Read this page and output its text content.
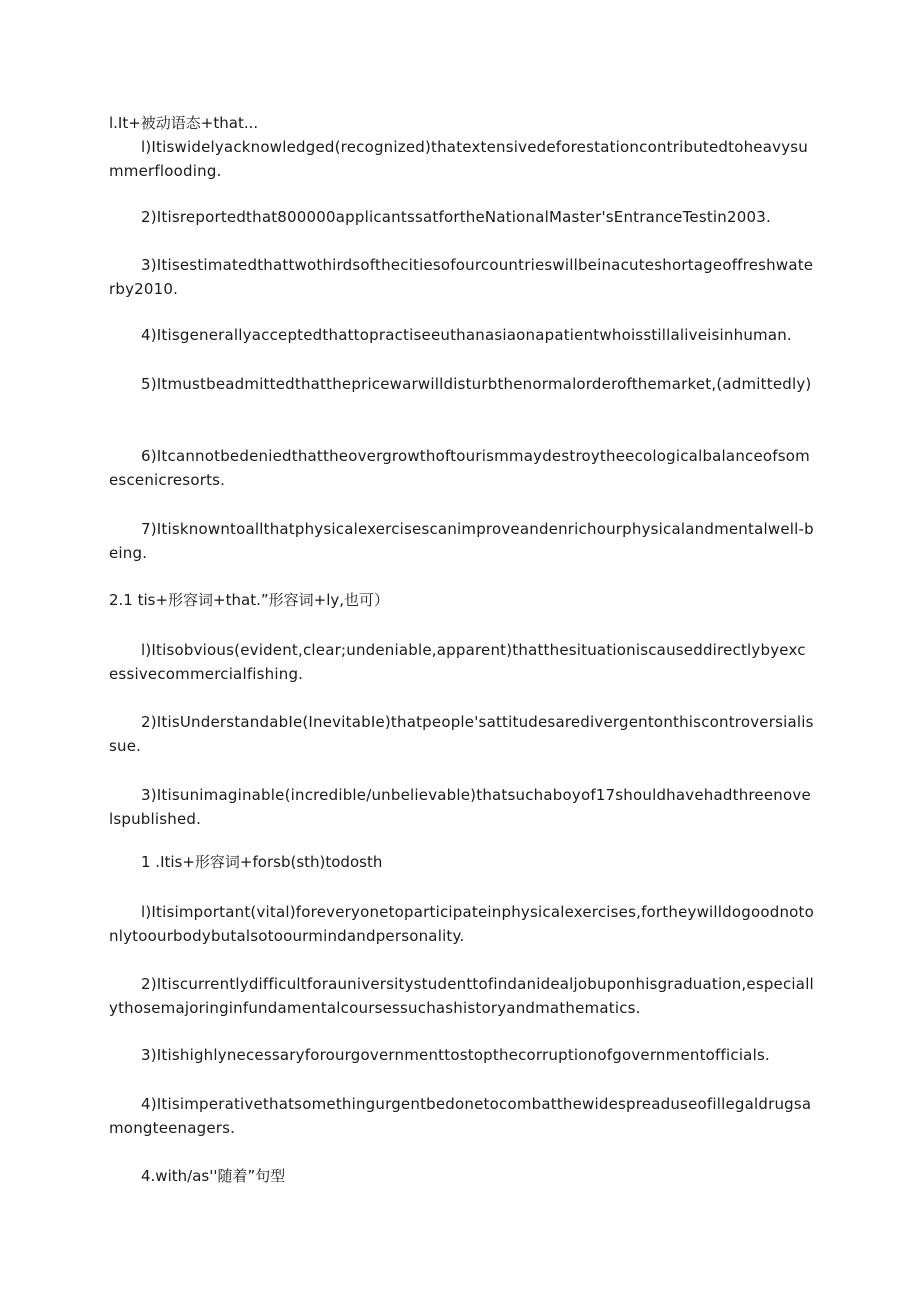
l.It+被动语态+that...
l)Itiswidelyacknowledged(recognized)thatextensivedeforestationcontributedtoheavysummerflooding.
2)Itisreportedthat800000applicantssatfortheNationalMaster'sEntranceTestin2003.
3)Itisestimatedthattwothirdsofthecitiesofourcountrieswillbeinacuteshortageoffreshwaterby2010.
4)Itisgenerallyacceptedthattopractiseeuthanasiaonapatientwhoisstillaliveisinhuman.
5)Itmustbeadmittedthatthepricewarwilldisturbthenormalorderofthemarket,(admittedly)
6)Itcannotbedeniedthattheovergrowthoftourismmaydestroytheecologicalbalanceofsomescenicresorts.
7)Itisknowntoallthatphysicalexercisescanimproveandenrichourphysicalandmentalwell-being.
2.1 tis+形容词+that.”形容词+ly,也可）
l)Itisobvious(evident,clear;undeniable,apparent)thatthesituationiscauseddirectlybyexcessivecommercialfishing.
2)ItisUnderstandabIe(InevitabIe)thatpeople'sattitudesaredivergentonthiscontroversialissue.
3)Itisunimaginable(incredible/unbelievable)thatsuchaboyof17shouldhavehadthreenovelspublished.
1 .Itis+形容词+forsb(sth)todosth
l)Itisimportant(vital)foreveryonetoparticipateinphysicalexercises,fortheywilldogoodnotonlytoourbodybutalsotoourmindandpersonality.
2)Itiscurrentlydifficultforauniversitystudenttofindanidealjobuponhisgraduation,especiallythosemajoringinfundamentalcoursessuchashistoryandmathematics.
3)Itishighlynecessaryforourgovernmenttostopthecorruptionofgovernmentofficials.
4)Itisimperativethatsomethingurgentbedonetocombatthewidespreaduseofillegaldrugsamongteenagers.
4.with/as''随着”句型
